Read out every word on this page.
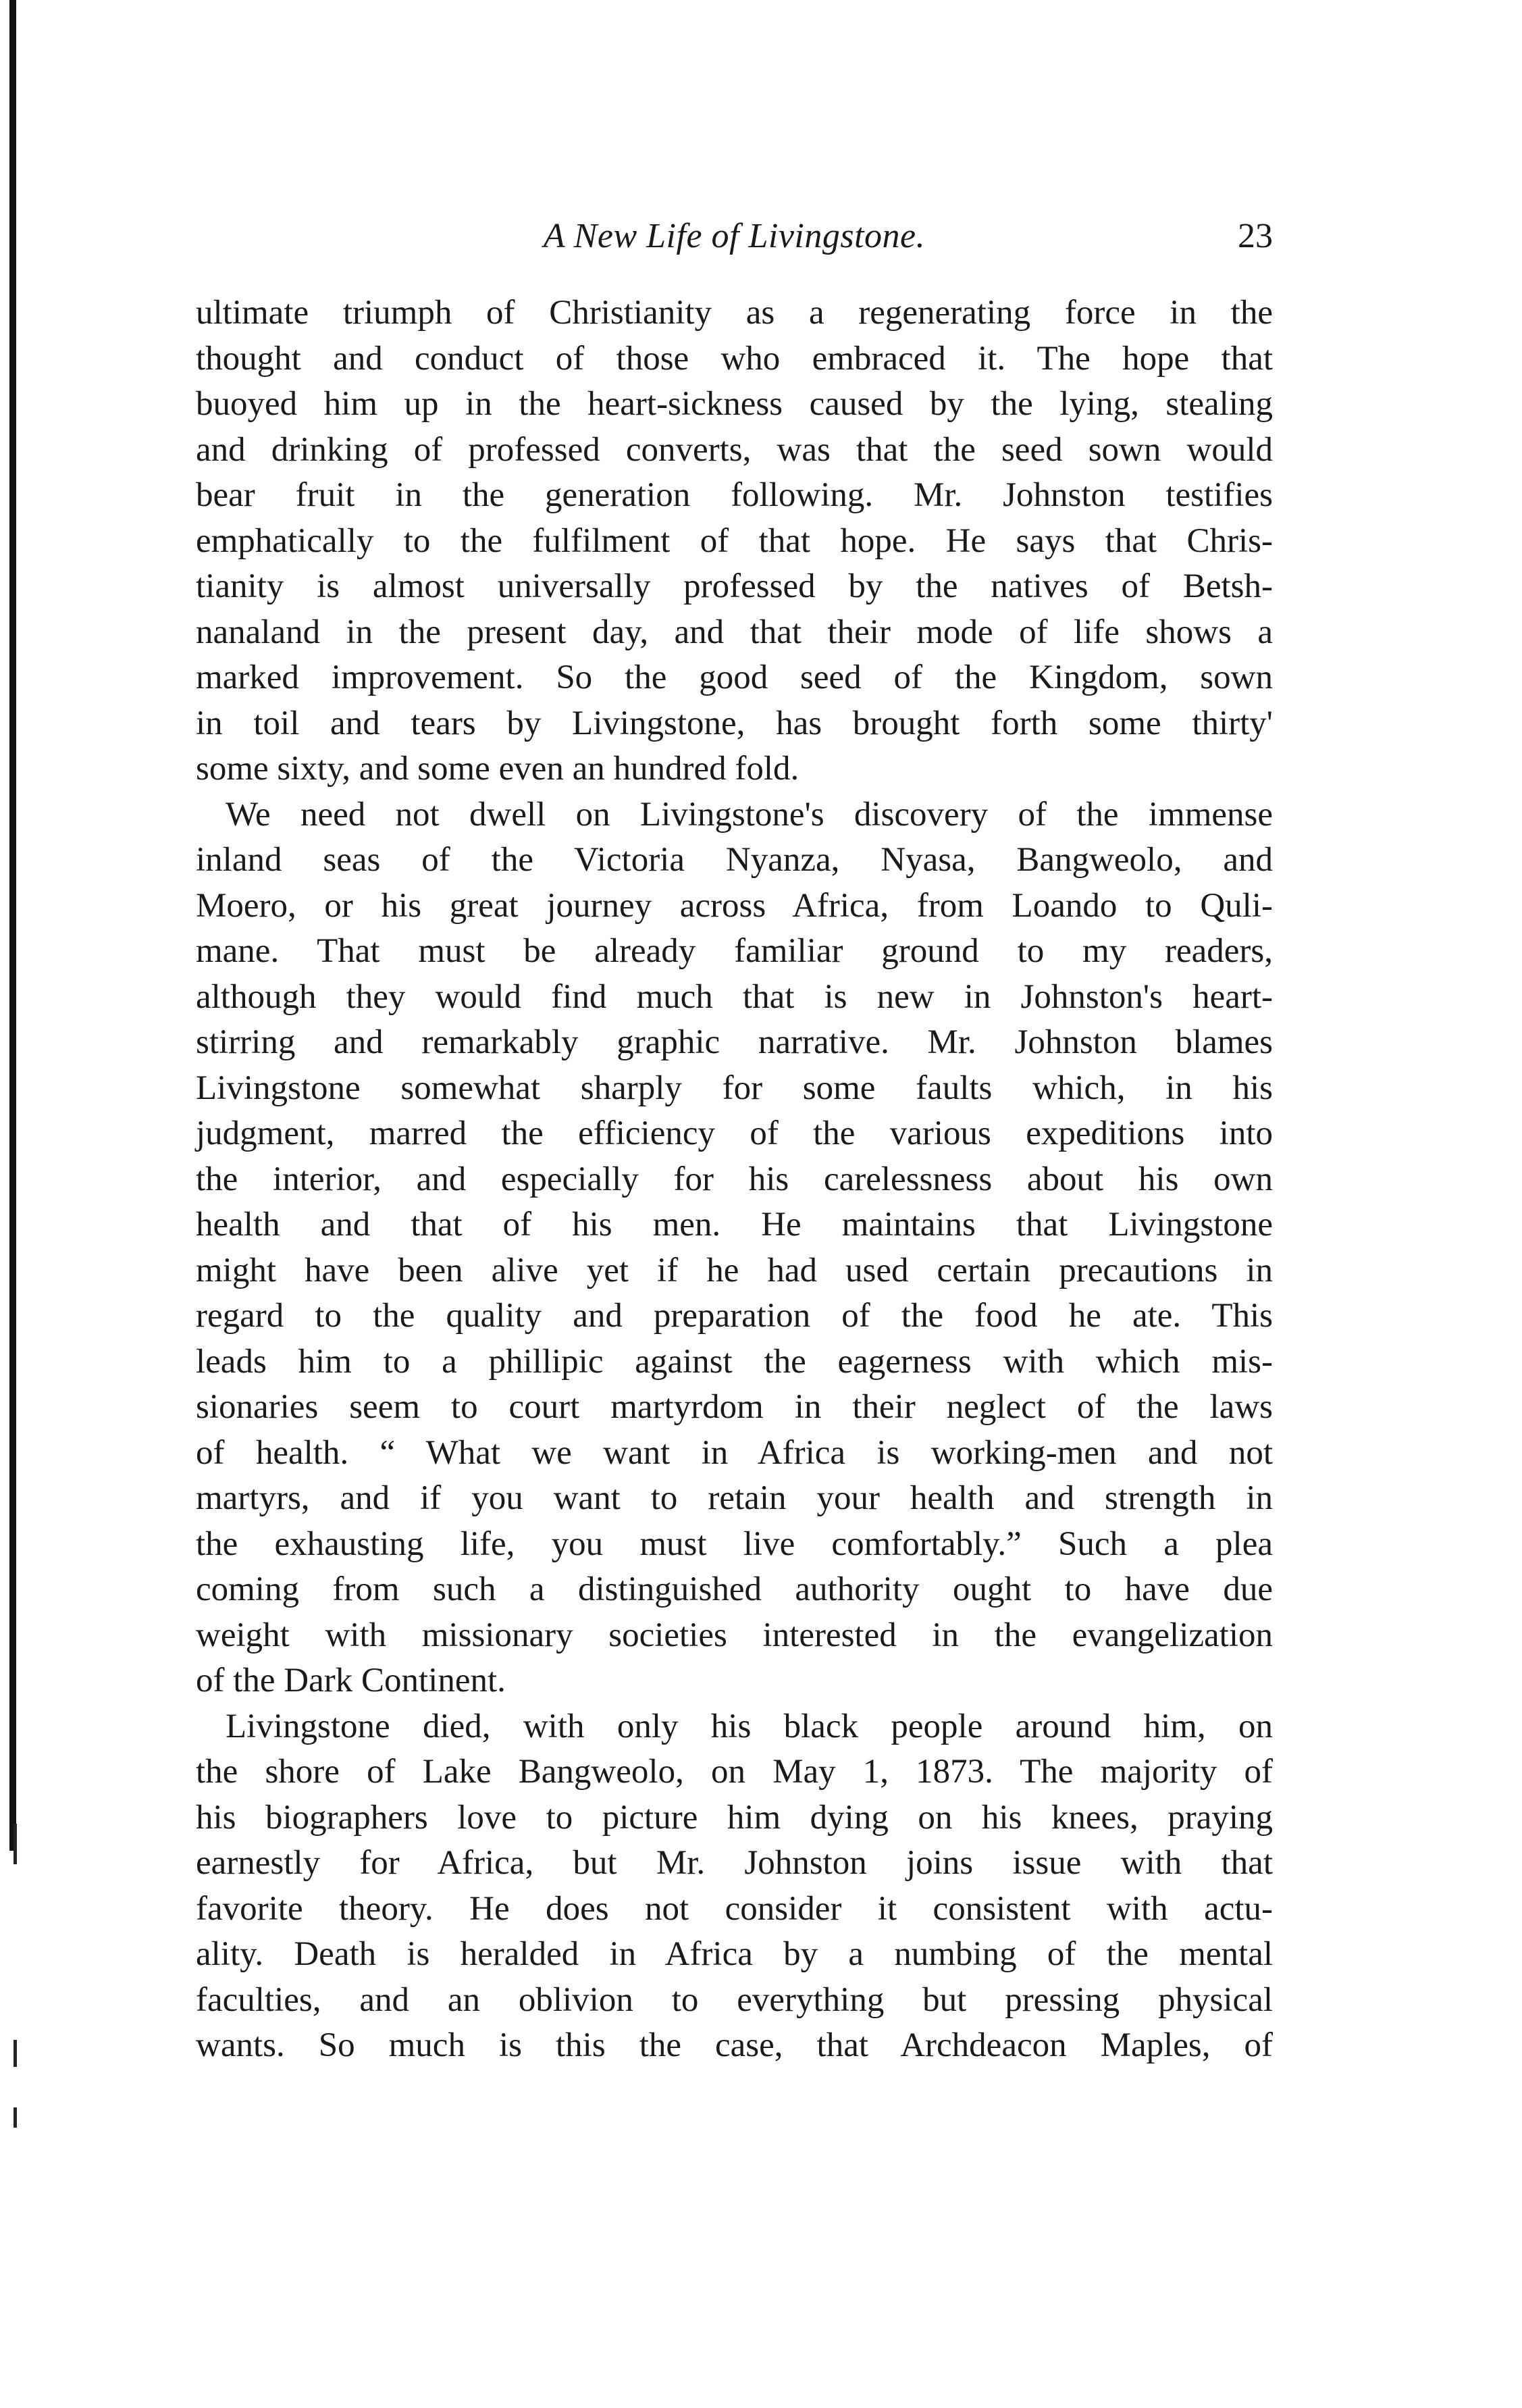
A New Life of Livingstone.	23
ultimate triumph of Christianity as a regenerating force in the
thought and conduct of those who embraced it. The hope that
buoyed him up in the heart-sickness caused by the lying, stealing
and drinking of professed converts, was that the seed sown would
bear fruit in the generation following. Mr. Johnston testifies
emphatically to the fulfilment of that hope. He says that Chris-
tianity is almost universally professed by the natives of Betsh-
nanaland in the present day, and that their mode of life shows a
marked improvement. So the good seed of the Kingdom, sown
in toil and tears by Livingstone, has brought forth some thirty'
some sixty, and some even an hundred fold.
We need not dwell on Livingstone's discovery of the immense
inland seas of the Victoria Nyanza, Nyasa, Bangweolo, and
Moero, or his great journey across Africa, from Loando to Quli-
mane. That must be already familiar ground to my readers,
although they would find much that is new in Johnston's heart-
stirring and remarkably graphic narrative. Mr. Johnston blames
Livingstone somewhat sharply for some faults which, in his
judgment, marred the efficiency of the various expeditions into
the interior, and especially for his carelessness about his own
health and that of his men. He maintains that Livingstone
might have been alive yet if he had used certain precautions in
regard to the quality and preparation of the food he ate. This
leads him to a phillipic against the eagerness with which mis-
sionaries seem to court martyrdom in their neglect of the laws
of health. “ What we want in Africa is working-men and not
martyrs, and if you want to retain your health and strength in
the exhausting life, you must live comfortably.” Such a plea
coming from such a distinguished authority ought to have due
weight with missionary societies interested in the evangelization
of the Dark Continent.
Livingstone died, with only his black people around him, on
the shore of Lake Bangweolo, on May 1, 1873. The majority of
his biographers love to picture him dying on his knees, praying
earnestly for Africa, but Mr. Johnston joins issue with that
favorite theory. He does not consider it consistent with actu-
ality. Death is heralded in Africa by a numbing of the mental
faculties, and an oblivion to everything but pressing physical
wants. So much is this the case, that Archdeacon Maples, of
